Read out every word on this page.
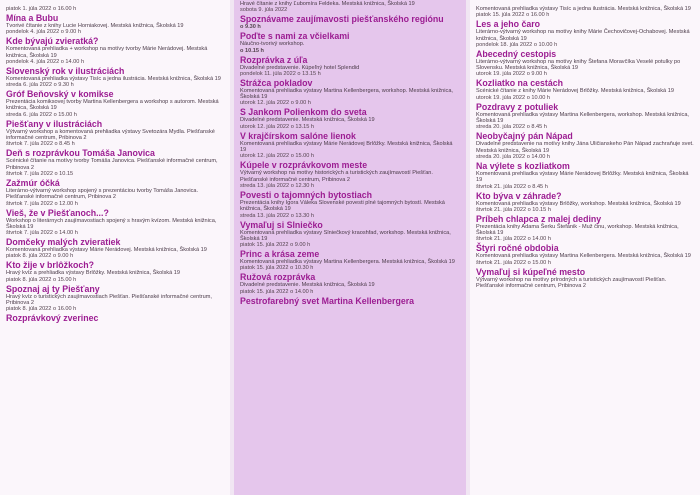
piatok 1. júla 2022 o 16.00 h
Mína a Bubu
Tvorivé čítanie z knihy Lucie Horniakovej. Mestská knižnica, Školská 19
pondelok 4. júla 2022 o 9.00 h
Kde bývajú zvieratká?
Komentovaná prehliadka + workshop na motívy tvorby Márie Nerádovej. Mestská knižnica, Školská 19
pondelok 4. júla 2022 o 14.00 h
Slovenský rok v ilustráciách
Komentovaná prehliadka výstavy Tisíc a jedna ilustrácia. Mestská knižnica, Školská 19
streda 6. júla 2022 o 9.30 h
Gróf Beňovský v komikse
Prezentácia komiksovej tvorby Martina Kellenbergera a workshop s autorom. Mestská knižnica, Školská 19
streda 6. júla 2022 o 15.00 h
Piešťany v ilustráciách
Výtvarný workshop a komentovaná prehliadka výstavy Svetozára Mydla. Piešťanské informačné centrum, Pribinova 2
štvrtok 7. júla 2022 o 8.45 h
Deň s rozprávkou Tomáša Janovica
Scénické čítanie na motívy tvorby Tomáša Janovica. Piešťanské informačné centrum, Pribinova 2
štvrtok 7. júla 2022 o 10.15
Zažmúr óčká
Literárno-výtvarný workshop spojený s prezentáciou tvorby Tomáša Janovica. Piešťanské informačné centrum, Pribinova 2
štvrtok 7. júla 2022 o 12.00 h
Vieš, že v Piešťanoch...?
Workshop o literárnych zaujímavostiach spojený s hravým kvízom. Mestská knižnica, Školská 19
štvrtok 7. júla 2022 o 14.00 h
Domčeky malých zvieratiek
Komentovaná prehliadka výstavy Márie Nerádovej. Mestská knižnica, Školská 19
piatok 8. júla 2022 o 9.00 h
Kto žije v brlôžkoch?
Hravý kvíz a prehliadka výstavy Brlôžky. Mestská knižnica, Školská 19
piatok 8. júla 2022 o 15.00 h
Spoznaj aj ty Piešťany
Hravý kvíz o turistických zaujímavostiach Piešťan. Piešťanské informačné centrum, Pribinova 2
piatok 8. júla 2022 o 16.00 h
Rozprávkový zverinec
Hravé čítanie z knihy Ľubomíra Feldeka. Mestská knižnica, Školská 19
sobota 9. júla 2022
Spoznávame zaujímavosti piešťanského regiónu
o 9.30 h
Poďte s nami za včielkami
Náučno-tvorivý workshop.
o 10.15 h
Rozprávka z úľa
Divadelné predstavenie. Kúpeľný hotel Splendid
pondelok 11. júla 2022 o 13.15 h
Strážca pokladov
Komentovaná prehliadka výstavy Martina Kellenbergera, workshop. Mestská knižnica, Školská 19
utorok 12. júla 2022 o 9.00 h
S Jankom Polienkom do sveta
Divadelné predstavenie. Mestská knižnica, Školská 19
utorok 12. júla 2022 o 13.15 h
V krajčírskom salóne lienok
Komentovaná prehliadka výstavy Márie Nerádovej Brlôžky. Mestská knižnica, Školská 19
utorok 12. júla 2022 o 15.00 h
Kúpele v rozprávkovom meste
Výtvarný workshop na motívy historických a turistických zaujímavostí Piešťan. Piešťanské informačné centrum, Pribinova 2
streda 13. júla 2022 o 12.30 h
Povesti o tajomných bytostiach
Prezentácia knihy Igora Váleka Slovenské povesti plné tajomných bytostí. Mestská knižnica, Školská 19
streda 13. júla 2022 o 13.30 h
Vymaľuj si Slniečko
Komentovaná prehliadka výstavy Slniečkový kraoshfad, workshop. Mestská knižnica, Školská 19
piatok 15. júla 2022 o 9.00 h
Princ a krása zeme
Komentovaná prehliadka výstavy Martina Kellenbergera. Mestská knižnica, Školská 19
piatok 15. júla 2022 o 10.30 h
Ružová rozprávka
Divadelné predstavenie. Mestská knižnica, Školská 19
piatok 15. júla 2022 o 14.00 h
Pestrofarebný svet Martina Kellenbergera
Komentovaná prehliadka výstavy Tisíc a jedna ilustrácia. Mestská knižnica, Školská 19
piatok 15. júla 2022 o 16.00 h
Les a jeho čaro
Literárno-výtvarný workshop na motívy knihy Márie Čechovičovej-Ochabovej. Mestská knižnica, Školská 19
pondelok 18. júla 2022 o 10.00 h
Abecedný cestopis
Literárno-výtvarný workshop na motívy knihy Štefana Moravčíka Veselé potulky po Slovensku. Mestská knižnica, Školská 19
utorok 19. júla 2022 o 9.00 h
Kozliatko na cestách
Scénické čítanie z knihy Márie Nerádovej Brlôžky. Mestská knižnica, Školská 19
utorok 19. júla 2022 o 10.00 h
Pozdravy z potuliek
Komentovaná prehliadka výstavy Martina Kellenbergera, workshop. Mestská knižnica, Školská 19
streda 20. júla 2022 o 8.45 h
Neobyčajný pán Nápad
Divadelné predstavenie na motívy knihy Jána Uličianskeho Pán Nápad zachraňuje svet. Mestská knižnica, Školská 19
streda 20. júla 2022 o 14.00 h
Na výlete s kozliatkom
Komentovaná prehliadka výstavy Márie Nerádovej Brlôžky. Mestská knižnica, Školská 19
štvrtok 21. júla 2022 o 8.45 h
Kto býva v záhrade?
Komentovaná prehliadka výstavy Brlôžky, workshop. Mestská knižnica, Školská 19
štvrtok 21. júla 2022 o 10.15 h
Príbeh chlapca z malej dediny
Prezentácia knihy Adama Šerku Štefánik - Muž činu, workshop. Mestská knižnica, Školská 19
štvrtok 21. júla 2022 o 14.00 h
Štyri ročné obdobia
Komentovaná prehliadka výstavy Martina Kellenbergera. Mestská knižnica, Školská 19
štvrtok 21. júla 2022 o 15.00 h
Vymaľuj si kúpeľné mesto
Výtvarný workshop na motívy prírodných a turistických zaujímavostí Piešťan. Piešťanské informačné centrum, Pribinova 2
